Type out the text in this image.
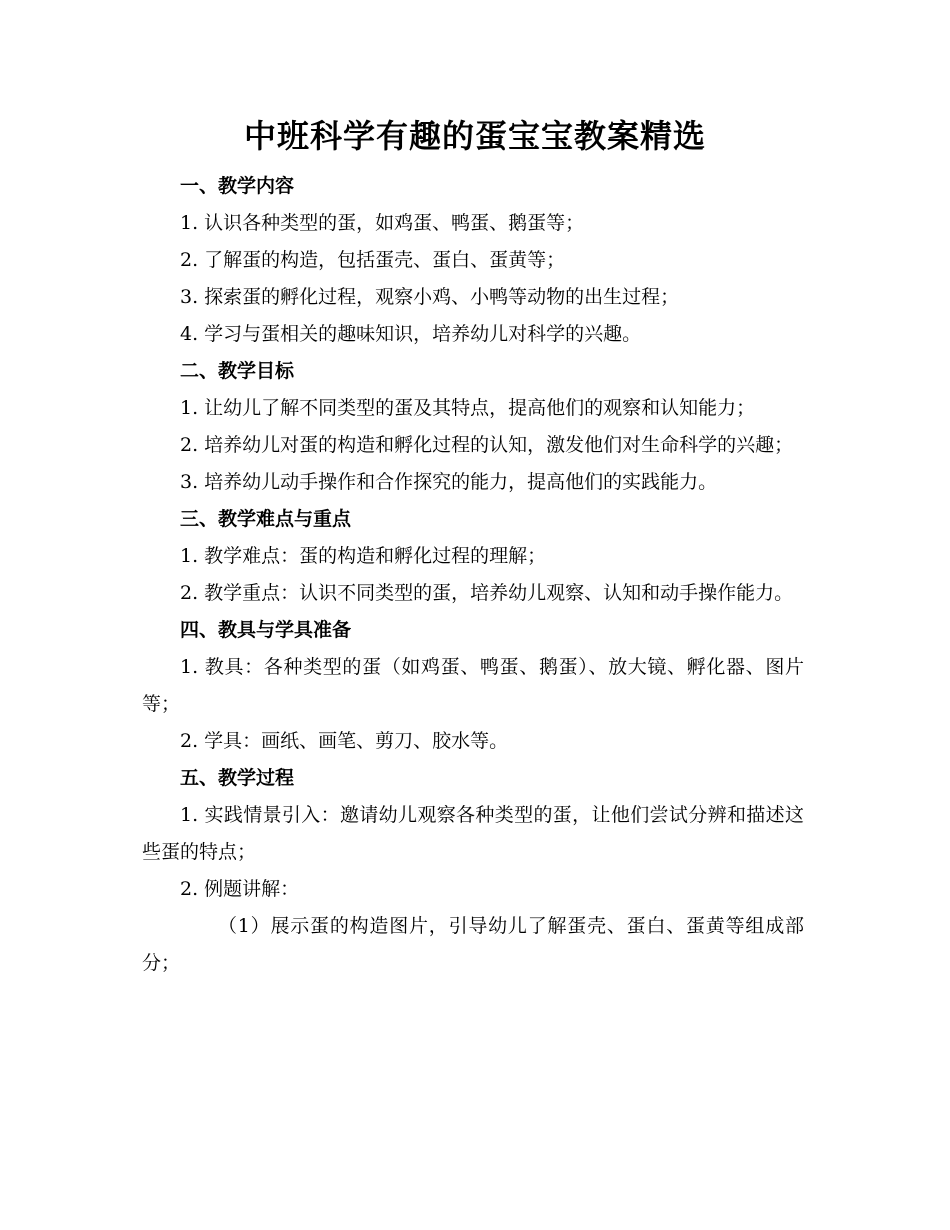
中班科学有趣的蛋宝宝教案精选

一、教学内容

1. 认识各种类型的蛋，如鸡蛋、鸭蛋、鹅蛋等；

2. 了解蛋的构造，包括蛋壳、蛋白、蛋黄等；

3. 探索蛋的孵化过程，观察小鸡、小鸭等动物的出生过程；

4. 学习与蛋相关的趣味知识，培养幼儿对科学的兴趣。

二、教学目标

1. 让幼儿了解不同类型的蛋及其特点，提高他们的观察和认知能力；

2. 培养幼儿对蛋的构造和孵化过程的认知，激发他们对生命科学的兴趣；

3. 培养幼儿动手操作和合作探究的能力，提高他们的实践能力。

三、教学难点与重点

1. 教学难点：蛋的构造和孵化过程的理解；

2. 教学重点：认识不同类型的蛋，培养幼儿观察、认知和动手操作能力。

四、教具与学具准备

1. 教具：各种类型的蛋（如鸡蛋、鸭蛋、鹅蛋）、放大镜、孵化器、图片等；

2. 学具：画纸、画笔、剪刀、胶水等。

五、教学过程

1. 实践情景引入：邀请幼儿观察各种类型的蛋，让他们尝试分辨和描述这些蛋的特点；

2. 例题讲解：

（1）展示蛋的构造图片，引导幼儿了解蛋壳、蛋白、蛋黄等组成部分；
